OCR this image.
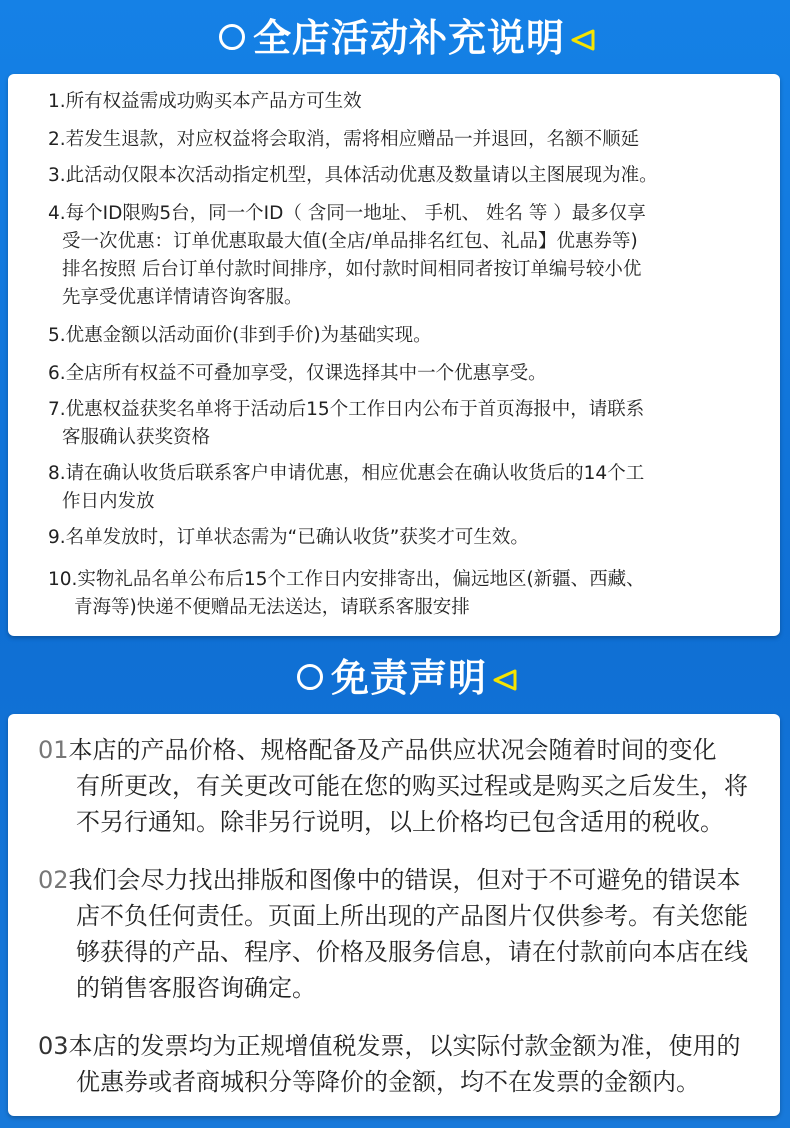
全店活动补充说明
1.所有权益需成功购买本产品方可生效
2.若发生退款，对应权益将会取消，需将相应赠品一并退回，名额不顺延
3.此活动仅限本次活动指定机型，具体活动优惠及数量请以主图展现为准。
4.每个ID限购5台，同一个ID（ 含同一地址、 手机、 姓名 等 ）最多仅享
受一次优惠：订单优惠取最大值(全店/单品排名红包、礼品】优惠券等)
排名按照 后台订单付款时间排序，如付款时间相同者按订单编号较小优
先享受优惠详情请咨询客服。
5.优惠金额以活动面价(非到手价)为基础实现。
6.全店所有权益不可叠加享受，仅课选择其中一个优惠享受。
7.优惠权益获奖名单将于活动后15个工作日内公布于首页海报中，请联系
客服确认获奖资格
8.请在确认收货后联系客户申请优惠，相应优惠会在确认收货后的14个工
作日内发放
9.名单发放时，订单状态需为“已确认收货”获奖才可生效。
10.实物礼品名单公布后15个工作日内安排寄出，偏远地区(新疆、西藏、
青海等)快递不便赠品无法送达，请联系客服安排
免责声明
01本店的产品价格、规格配备及产品供应状况会随着时间的变化
有所更改，有关更改可能在您的购买过程或是购买之后发生，将
不另行通知。除非另行说明，以上价格均已包含适用的税收。
02我们会尽力找出排版和图像中的错误，但对于不可避免的错误本
店不负任何责任。页面上所出现的产品图片仅供参考。有关您能
够获得的产品、程序、价格及服务信息，请在付款前向本店在线
的销售客服咨询确定。
03本店的发票均为正规增值税发票，以实际付款金额为准，使用的
优惠券或者商城积分等降价的金额，均不在发票的金额内。
